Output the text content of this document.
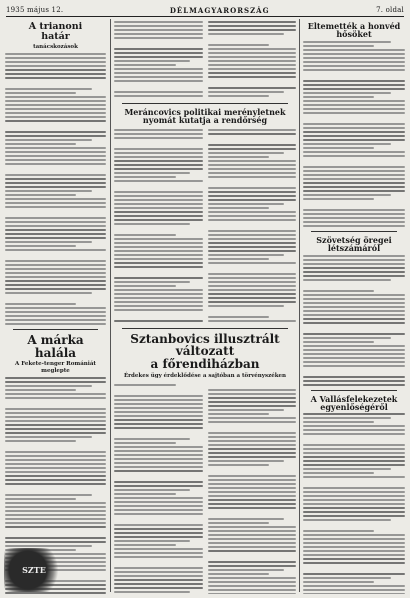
1935 május 12.	DÉLMAGYARORSZÁG	7. oldal
A trianoni
határ
tanácskozások
A márka halála
A Fekete-tenger Romániát
meglepte
Meráncovics politikai merényletnek
nyomát kutatja a rendőrség
Sztanbovics illusztrált változatt
a főrendiházban
Érdekes ügy érdeklődése a sajtóban a törvényszéken
Eltemették a honvéd
hősöket
Szövetség öregei
létszámáról
A Vallásfelekezetek
egyenlőségéről
SZTE
